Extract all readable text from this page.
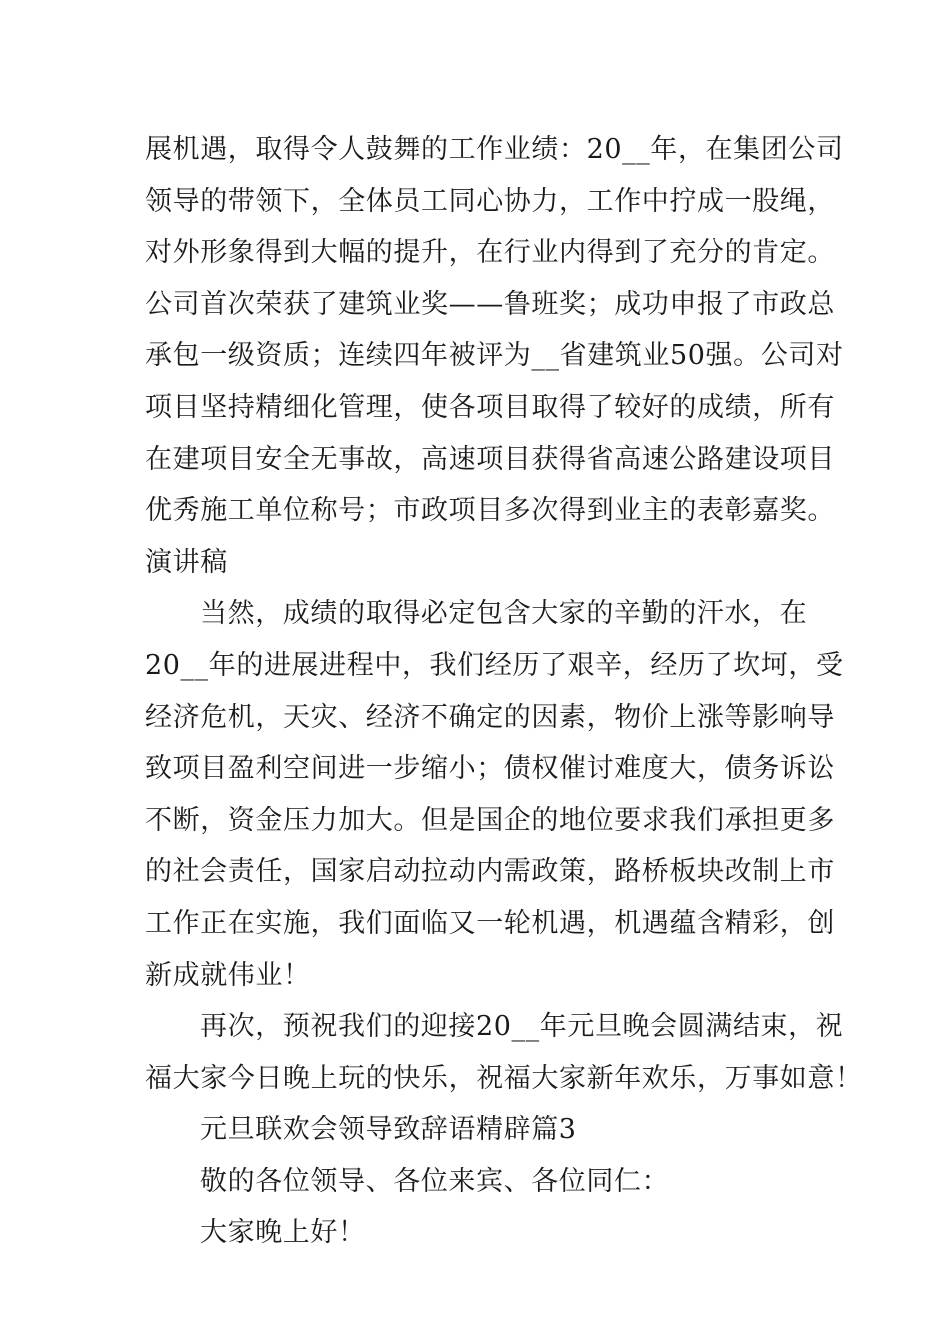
展机遇，取得令人鼓舞的工作业绩：20__年，在集团公司
领导的带领下，全体员工同心协力，工作中拧成一股绳，
对外形象得到大幅的提升，在行业内得到了充分的肯定。
公司首次荣获了建筑业奖——鲁班奖；成功申报了市政总
承包一级资质；连续四年被评为__省建筑业50强。公司对
项目坚持精细化管理，使各项目取得了较好的成绩，所有
在建项目安全无事故，高速项目获得省高速公路建设项目
优秀施工单位称号；市政项目多次得到业主的表彰嘉奖。
演讲稿
当然，成绩的取得必定包含大家的辛勤的汗水，在
20__年的进展进程中，我们经历了艰辛，经历了坎坷，受
经济危机，天灾、经济不确定的因素，物价上涨等影响导
致项目盈利空间进一步缩小；债权催讨难度大，债务诉讼
不断，资金压力加大。但是国企的地位要求我们承担更多
的社会责任，国家启动拉动内需政策，路桥板块改制上市
工作正在实施，我们面临又一轮机遇，机遇蕴含精彩，创
新成就伟业！
再次，预祝我们的迎接20__年元旦晚会圆满结束，祝
福大家今日晚上玩的快乐，祝福大家新年欢乐，万事如意！
元旦联欢会领导致辞语精辟篇3
敬的各位领导、各位来宾、各位同仁：
大家晚上好！
